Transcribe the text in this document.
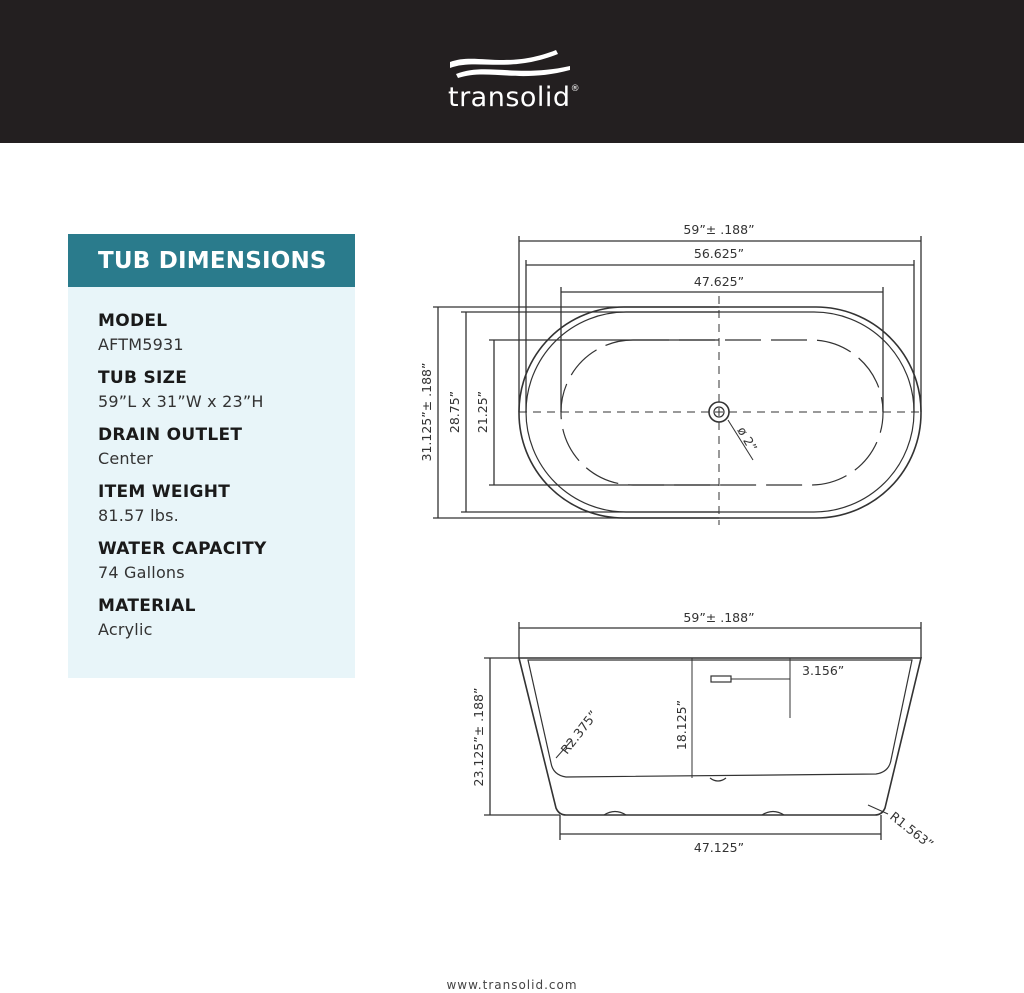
transolid®
TUB DIMENSIONS
MODEL
AFTM5931
TUB SIZE
59”L x 31”W x 23”H
DRAIN OUTLET
Center
ITEM WEIGHT
81.57 lbs.
WATER CAPACITY
74 Gallons
MATERIAL
Acrylic
59”± .188”
56.625”
47.625”
31.125”± .188” 28.75” 21.25”
ø 2”
59”± .188”
3.156”
18.125”
23.125”± .188”	R2.375”
R1.563”
47.125”
www.transolid.com
